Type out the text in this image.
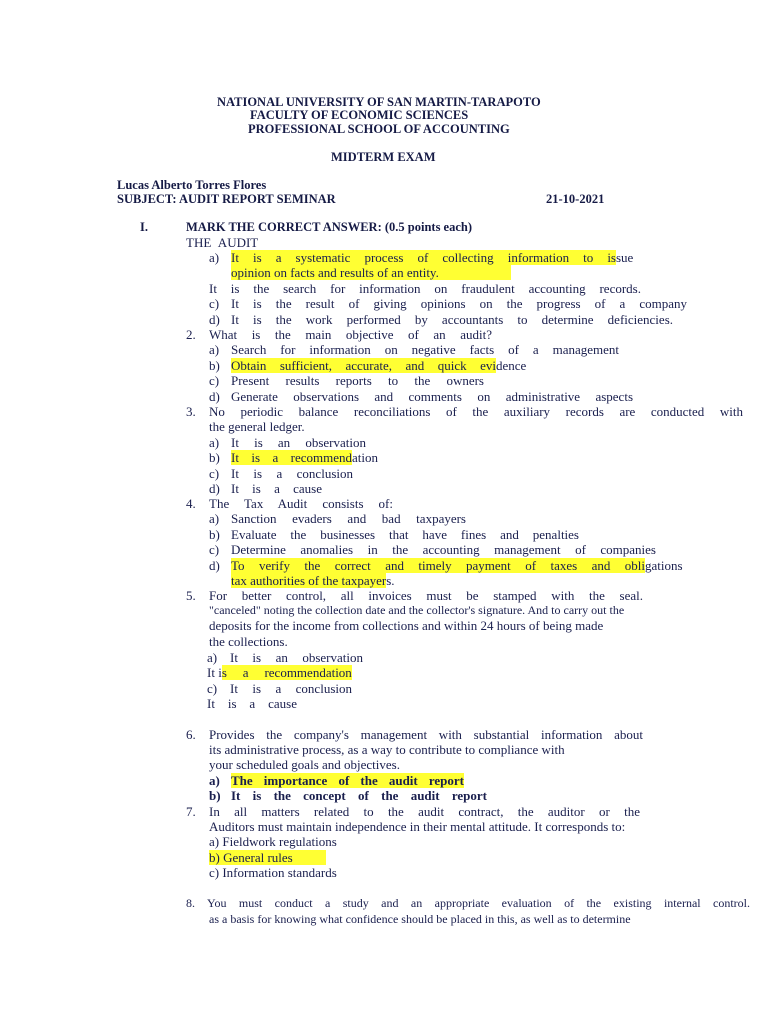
NATIONAL UNIVERSITY OF SAN MARTIN-TARAPOTO
FACULTY OF ECONOMIC SCIENCES
PROFESSIONAL SCHOOL OF ACCOUNTING
MIDTERM EXAM
Lucas Alberto Torres Flores
SUBJECT: AUDIT REPORT SEMINAR	21-10-2021
I.	MARK THE CORRECT ANSWER: (0.5 points each)
THE AUDIT
a) It is a systematic process of collecting information to issue
opinion on facts and results of an entity.
It is the search for information on fraudulent accounting records.
c) It is the result of giving opinions on the progress of a company
d) It is the work performed by accountants to determine deficiencies.
2. What is the main objective of an audit?
a) Search for information on negative facts of a management
b) Obtain sufficient, accurate, and quick evidence
c) Present results reports to the owners
d) Generate observations and comments on administrative aspects
3. No periodic balance reconciliations of the auxiliary records are conducted with
the general ledger.
a) It is an observation
b) It is a recommendation
c) It is a conclusion
d) It is a cause
4. The Tax Audit consists of:
a) Sanction evaders and bad taxpayers
b) Evaluate the businesses that have fines and penalties
c) Determine anomalies in the accounting management of companies
d) To verify the correct and timely payment of taxes and obligations
tax authorities of the taxpayers.
5. For better control, all invoices must be stamped with the seal.
"canceled" noting the collection date and the collector's signature. And to carry out the
deposits for the income from collections and within 24 hours of being made
the collections.
a) It is an observation
It is a recommendation
c) It is a conclusion
It is a cause
6. Provides the company's management with substantial information about
its administrative process, as a way to contribute to compliance with
your scheduled goals and objectives.
a) The importance of the audit report
b) It is the concept of the audit report
7. In all matters related to the audit contract, the auditor or the
Auditors must maintain independence in their mental attitude. It corresponds to:
a) Fieldwork regulations
b) General rules
c) Information standards
8. You must conduct a study and an appropriate evaluation of the existing internal control.
as a basis for knowing what confidence should be placed in this, as well as to determine
